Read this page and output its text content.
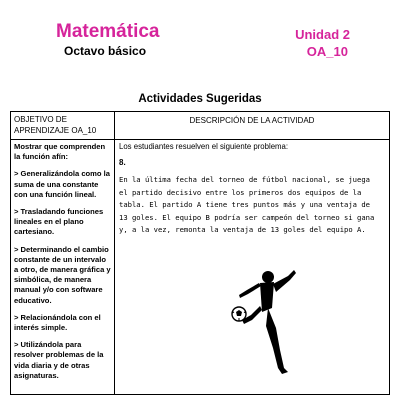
Matemática
Octavo básico
Unidad 2
OA_10
Actividades Sugeridas
OBJETIVO DE APRENDIZAJE OA_10
DESCRIPCIÓN DE LA ACTIVIDAD
Mostrar que comprenden la función afín:
> Generalizándola como la suma de una constante con una función lineal.
> Trasladando funciones lineales en el plano cartesiano.
> Determinando el cambio constante de un intervalo a otro, de manera gráfica y simbólica, de manera manual y/o con software educativo.
> Relacionándola con el interés simple.
> Utilizándola para resolver problemas de la vida diaria y de otras asignaturas.
Los estudiantes resuelven el siguiente problema:
8.
En la última fecha del torneo de fútbol nacional, se juega el partido decisivo entre los primeros dos equipos de la tabla. El partido A tiene tres puntos más y una ventaja de 13 goles. El equipo B podría ser campeón del torneo si gana y, a la vez, remonta la ventaja de 13 goles del equipo A.
